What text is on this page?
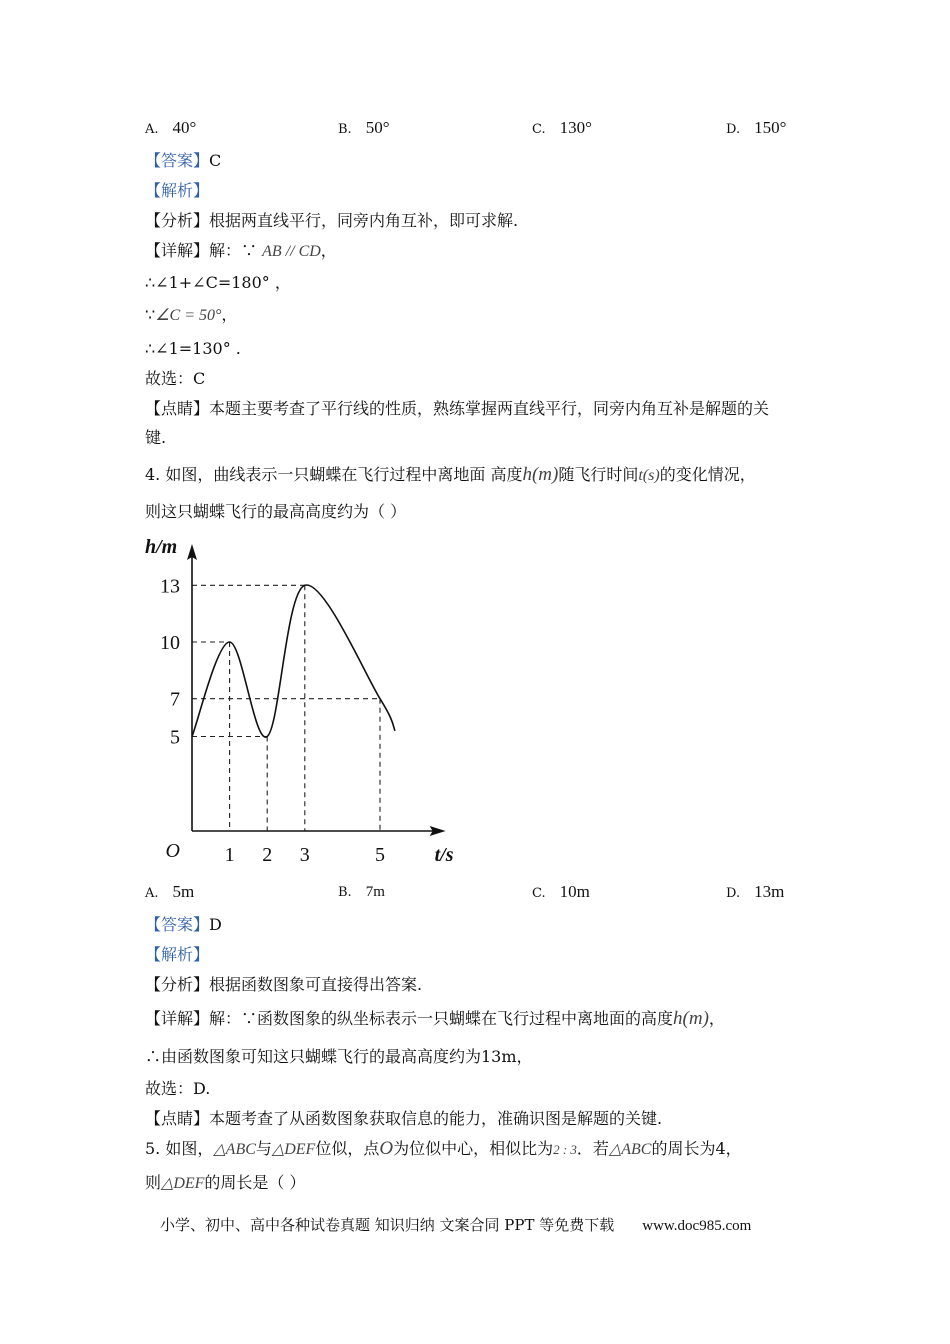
A. 40°	B. 50°	C. 130°	D. 150°
【答案】C
【解析】
【分析】根据两直线平行，同旁内角互补，即可求解.
【详解】解：∵ AB // CD，
∴∠1+∠C=180° ，
∵∠C = 50°，
∴∠1=130° .
故选：C
【点睛】本题主要考查了平行线的性质，熟练掌握两直线平行，同旁内角互补是解题的关
键.
4. 如图，曲线表示一只蝴蝶在飞行过程中离地面 高度h(m)随飞行时间t(s)的变化情况，
则这只蝴蝶飞行的最高高度约为（ ）
1 2 3	5
5
7
10
13
O	t/s
h/m
A. 5m	B. 7m	C. 10m	D. 13m
【答案】D
【解析】
【分析】根据函数图象可直接得出答案.
【详解】解：∵函数图象的纵坐标表示一只蝴蝶在飞行过程中离地面的高度h(m)，
∴由函数图象可知这只蝴蝶飞行的最高高度约为13m，
故选：D.
【点睛】本题考查了从函数图象获取信息的能力，准确识图是解题的关键.
5. 如图，△ABC与△DEF位似，点O为位似中心，相似比为2 : 3．若△ABC的周长为4，
则△DEF的周长是（ ）
小学、初中、高中各种试卷真题 知识归纳 文案合同 PPT 等免费下载 www.doc985.com
